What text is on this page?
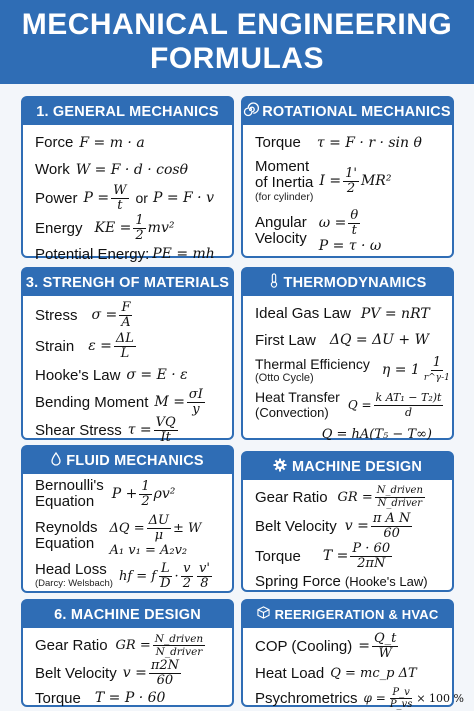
MECHANICAL ENGINEERING
FORMULAS
1. GENERAL MECHANICS
Force F = m · a
Work W = F · d · cosθ
Power $P = \frac{W}{t}$ or P = F · v
Energy KE = $\frac{1}{2} mv^2$
Potential Energy: PE = mh
ROTATIONAL MECHANICS
Torque τ = F · r · sin θ
Moment
of Inertia
(for cylinder)
$I = \frac{1'}{2} MR^2$
Angular
Velocity
$\omega = \frac{\theta}{t}$
P = τ · ω
3. STRENGH OF MATERIALS
Stress $\sigma = \frac{F}{A}$
Strain $\varepsilon = \frac{\Delta L}{L}$
Hooke's Law σ = E · ε
Bending Moment $M = \frac{\sigma I}{y}$
Shear Stress $\tau = \frac{VQ}{It}$
THERMODYNAMICS
Ideal Gas Law PV = nRT
First Law ΔQ = ΔU + W
Thermal Efficiency
(Otto Cycle)	$\eta = 1 \frac{1}{r\^{}\gamma-1}$
Heat Transfer
(Convection)	$Q = \frac{\text{k AT₁ − T₂)t}}{d}$
Q = hA(T₅ − T∞)
FLUID MECHANICS
Bernoulli's
Equation	$P + \frac{1}{2} \rho v^2$
Reynolds
Equation
$\Delta Q = \frac{\Delta U}{\mu} \pm W$
A₁ v₁ = A₂v₂
Head Loss
(Darcy: Welsbach) hf = f $\frac{L}{D} \cdot \frac{v}{2} \frac{v'}{8}$
MACHINE DESIGN
Gear Ratio GR = $\frac{\text{N\_driven}}{\text{N\_driver}}$
Belt Velocity $v = \frac{\text{π A N}}{60}$
Torque $T = \frac{P \cdot 60}{2\pi N}$
Spring Force (Hooke's Law)
6. MACHINE DESIGN
Gear Ratio GR = $\frac{\text{N\_driven}}{\text{N\_driver}}$
Belt Velocity $v = \frac{\pi 2N}{60}$
Torque T = P · 60
REERIGERATION & HVAC
COP (Cooling) = $\frac{Q\_t}{W}$
Heat Load Q = mc_p ΔT
Psychrometrics $\varphi = \frac{P\_v}{P\_vs} \times 100$ %
